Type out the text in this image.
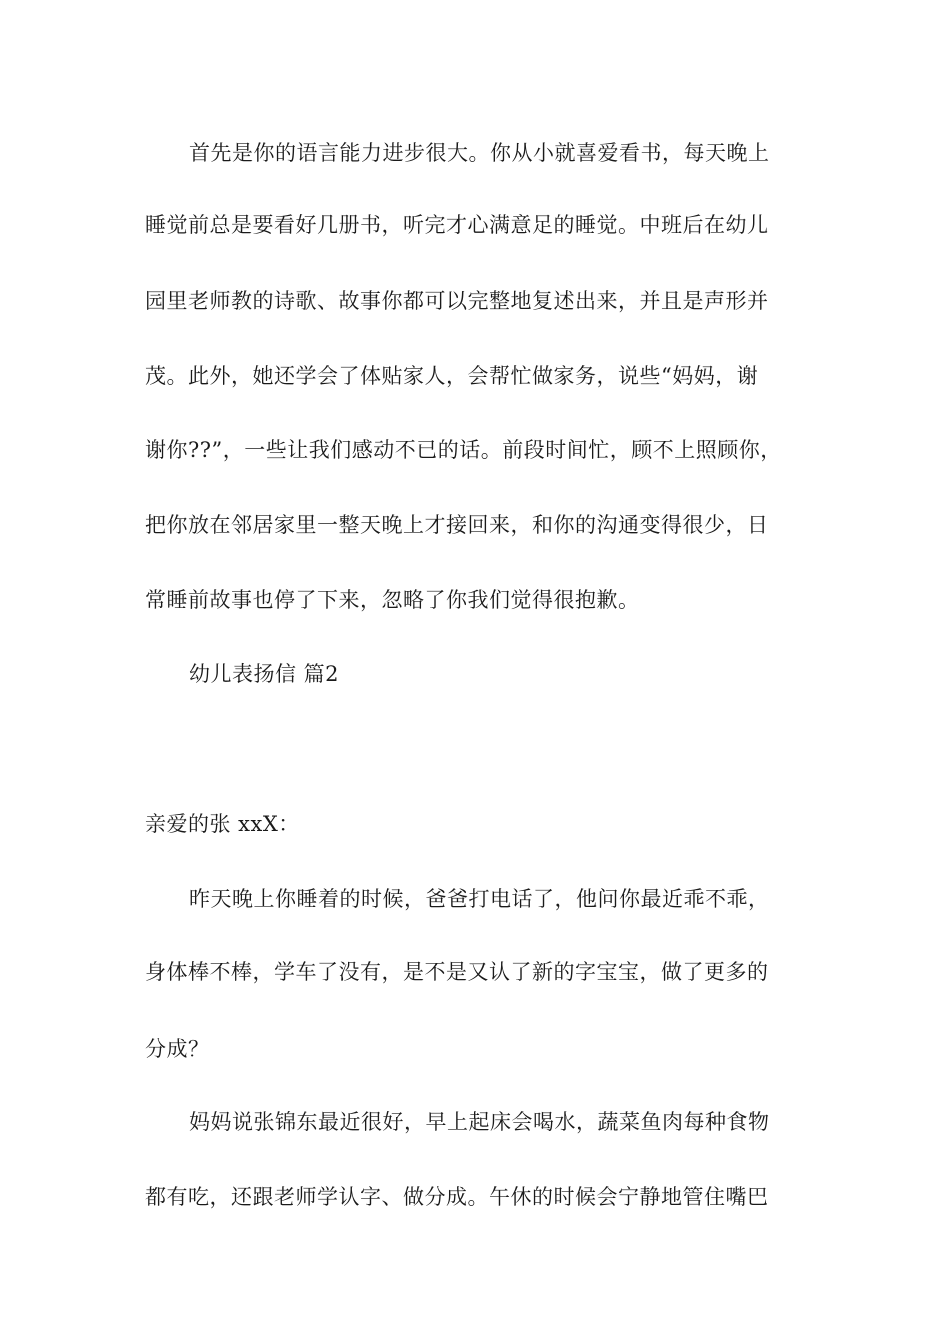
首先是你的语言能力进步很大。你从小就喜爱看书，每天晚上

睡觉前总是要看好几册书，听完才心满意足的睡觉。中班后在幼儿

园里老师教的诗歌、故事你都可以完整地复述出来，并且是声形并

茂。此外，她还学会了体贴家人，会帮忙做家务，说些“妈妈，谢

谢你??”，一些让我们感动不已的话。前段时间忙，顾不上照顾你，

把你放在邻居家里一整天晚上才接回来，和你的沟通变得很少，日

常睡前故事也停了下来，忽略了你我们觉得很抱歉。

幼儿表扬信 篇2

亲爱的张 xxX：

昨天晚上你睡着的时候，爸爸打电话了，他问你最近乖不乖，

身体棒不棒，学车了没有，是不是又认了新的字宝宝，做了更多的

分成？

妈妈说张锦东最近很好，早上起床会喝水，蔬菜鱼肉每种食物

都有吃，还跟老师学认字、做分成。午休的时候会宁静地管住嘴巴
